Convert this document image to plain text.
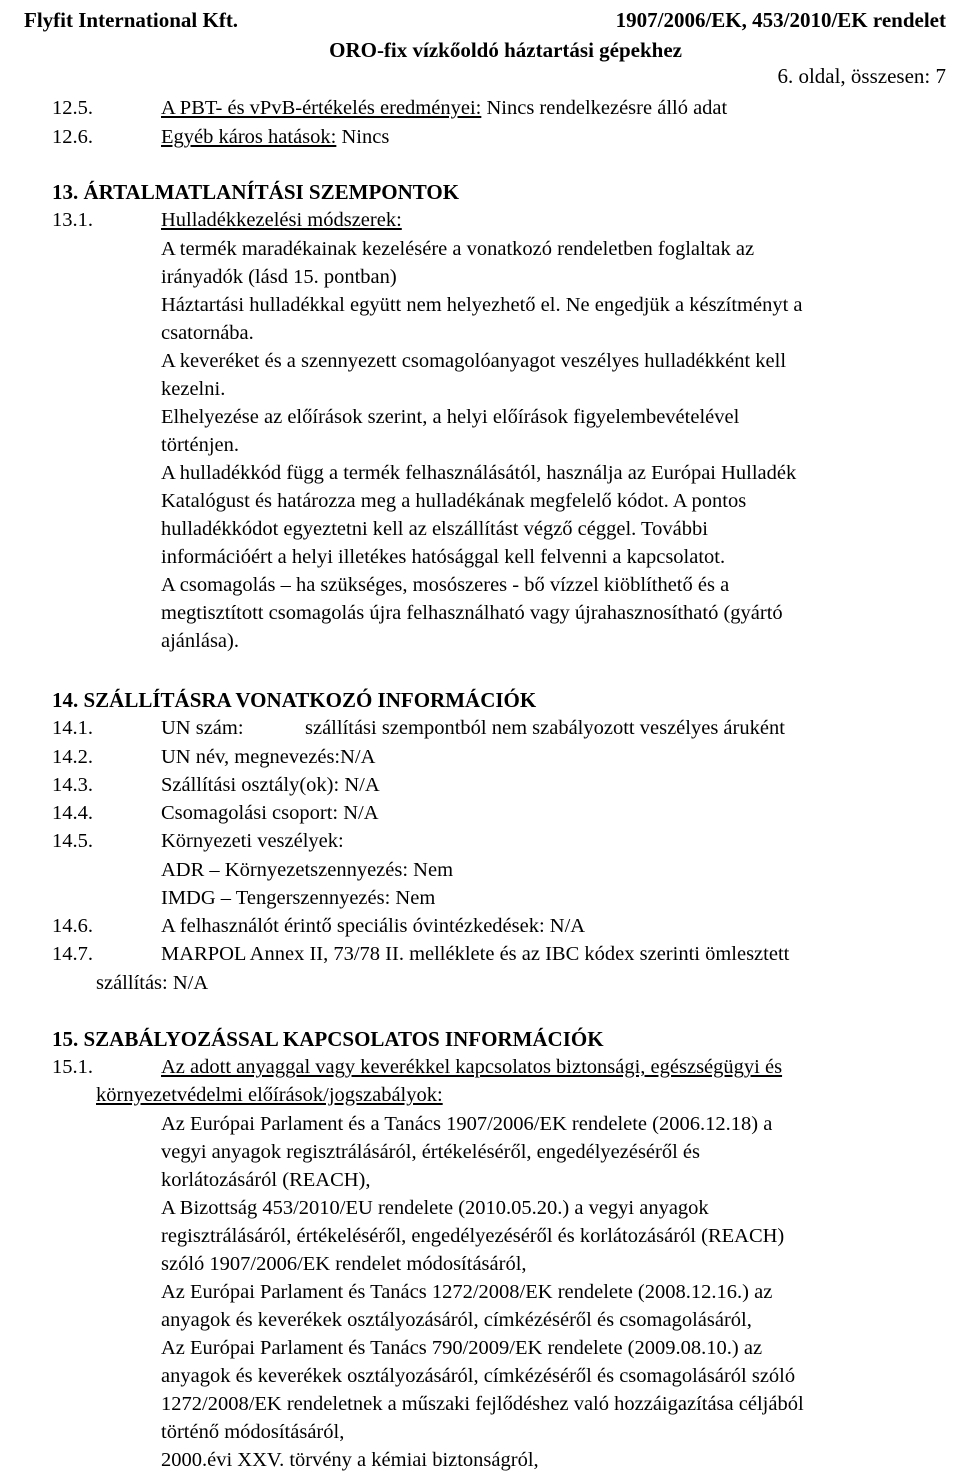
Flyfit International Kft.	1907/2006/EK, 453/2010/EK rendelet
ORO-fix vízkőoldó háztartási gépekhez
6. oldal, összesen: 7
12.5.	A PBT- és vPvB-értékelés eredményei: Nincs rendelkezésre álló adat
12.6.	Egyéb káros hatások: Nincs
13. ÁRTALMATLANÍTÁSI SZEMPONTOK
13.1.	Hulladékkezelési módszerek:
A termék maradékainak kezelésére a vonatkozó rendeletben foglaltak az
irányadók (lásd 15. pontban)
Háztartási hulladékkal együtt nem helyezhető el. Ne engedjük a készítményt a
csatornába.
A keveréket és a szennyezett csomagolóanyagot veszélyes hulladékként kell
kezelni.
Elhelyezése az előírások szerint, a helyi előírások figyelembevételével
történjen.
A hulladékkód függ a termék felhasználásától, használja az Európai Hulladék
Katalógust és határozza meg a hulladékának megfelelő kódot. A pontos
hulladékkódot egyeztetni kell az elszállítást végző céggel. További
információért a helyi illetékes hatósággal kell felvenni a kapcsolatot.
A csomagolás – ha szükséges, mosószeres - bő vízzel kiöblíthető és a
megtisztított csomagolás újra felhasználható vagy újrahasznosítható (gyártó
ajánlása).
14. SZÁLLÍTÁSRA VONATKOZÓ INFORMÁCIÓK
14.1.	UN szám:	szállítási szempontból nem szabályozott veszélyes áruként
14.2.	UN név, megnevezés:N/A
14.3.	Szállítási osztály(ok): N/A
14.4.	Csomagolási csoport: N/A
14.5.	Környezeti veszélyek:
ADR – Környezetszennyezés: Nem
IMDG – Tengerszennyezés: Nem
14.6.	A felhasználót érintő speciális óvintézkedések: N/A
14.7.	MARPOL Annex II, 73/78 II. melléklete és az IBC kódex szerinti ömlesztett
szállítás: N/A
15. SZABÁLYOZÁSSAL KAPCSOLATOS INFORMÁCIÓK
15.1.	Az adott anyaggal vagy keverékkel kapcsolatos biztonsági, egészségügyi és
környezetvédelmi előírások/jogszabályok:
Az Európai Parlament és a Tanács 1907/2006/EK rendelete (2006.12.18) a
vegyi anyagok regisztrálásáról, értékeléséről, engedélyezéséről és
korlátozásáról (REACH),
A Bizottság 453/2010/EU rendelete (2010.05.20.) a vegyi anyagok
regisztrálásáról, értékeléséről, engedélyezéséről és korlátozásáról (REACH)
szóló 1907/2006/EK rendelet módosításáról,
Az Európai Parlament és Tanács 1272/2008/EK rendelete (2008.12.16.) az
anyagok és keverékek osztályozásáról, címkézéséről és csomagolásáról,
Az Európai Parlament és Tanács 790/2009/EK rendelete (2009.08.10.) az
anyagok és keverékek osztályozásáról, címkézéséről és csomagolásáról szóló
1272/2008/EK rendeletnek a műszaki fejlődéshez való hozzáigazítása céljából
történő módosításáról,
2000.évi XXV. törvény a kémiai biztonságról,
